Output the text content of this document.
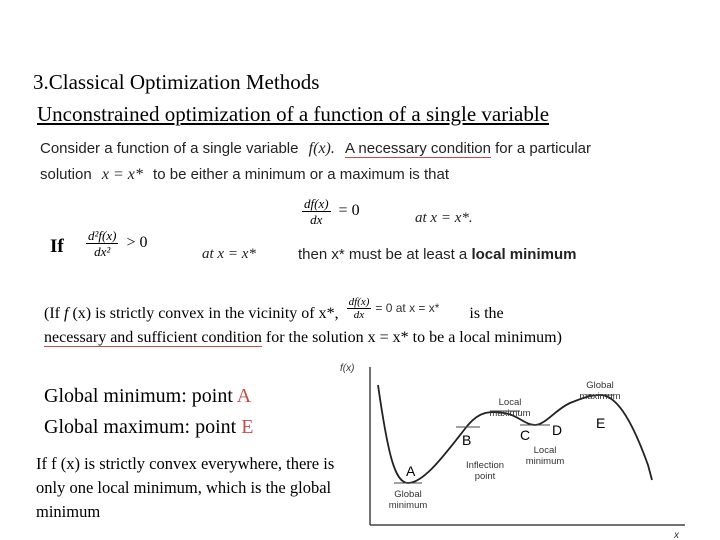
3.Classical Optimization Methods
Unconstrained optimization of a function of a single variable
Consider a function of a single variable f(x). A necessary condition for a particular
solution x = x* to be either a minimum or a maximum is that
$\frac{df(x)}{dx} = 0$	at x = x*.
If $\frac{\text{d²f(x)}}{\text{dx²}} > 0$
at x = x*	then x* must be at least a local minimum
(If f (x) is strictly convex in the vicinity of x*, $\frac{df(x)}{dx} ^{= 0 at x = x*}$ is the
necessary and sufficient condition for the solution x = x* to be a local minimum)
Global minimum: point A
Global maximum: point E
If f (x) is strictly convex everywhere, there is only one local minimum, which is the global minimum
f(x)
x
Local
maximum
Global
maximum
Local
minimum
Inflection
point
Global
minimum
A
B	C D E
